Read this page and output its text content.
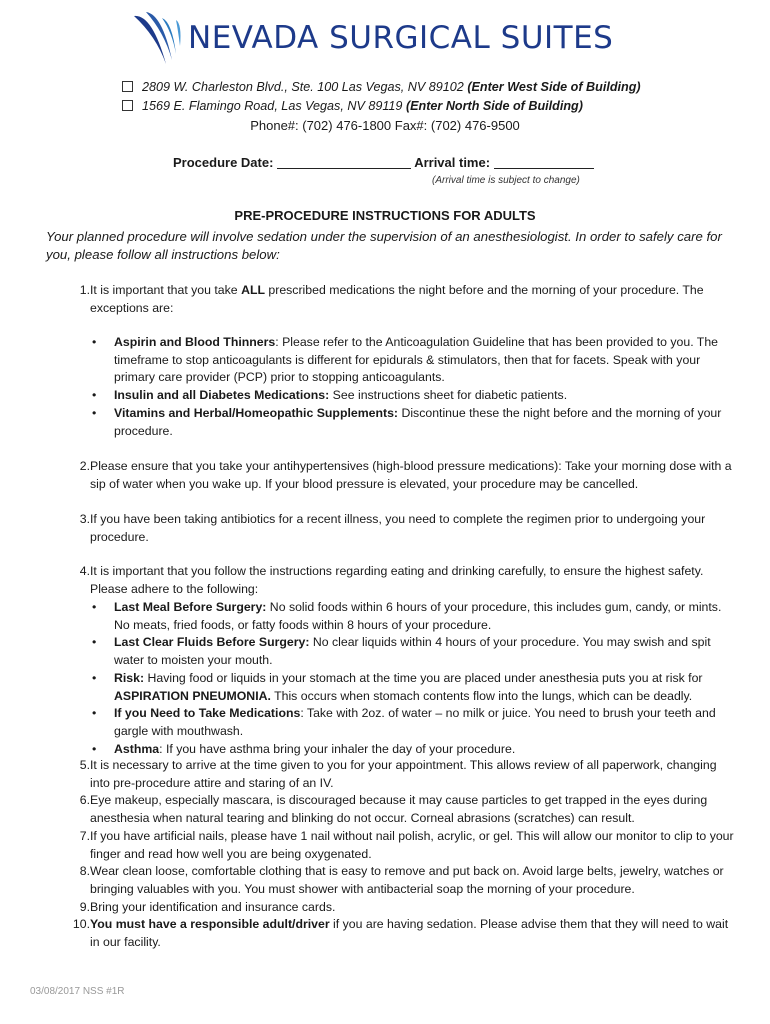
NEVADA SURGICAL SUITES
2809 W. Charleston Blvd., Ste. 100 Las Vegas, NV 89102 (Enter West Side of Building)
1569 E. Flamingo Road, Las Vegas, NV 89119 (Enter North Side of Building)
Phone#: (702) 476-1800 Fax#: (702) 476-9500
Procedure Date:	Arrival time:
(Arrival time is subject to change)
PRE-PROCEDURE INSTRUCTIONS FOR ADULTS
Your planned procedure will involve sedation under the supervision of an anesthesiologist. In order to safely care for you, please follow all instructions below:
1. It is important that you take ALL prescribed medications the night before and the morning of your procedure. The exceptions are:
•	Aspirin and Blood Thinners: Please refer to the Anticoagulation Guideline that has been provided to you. The timeframe to stop anticoagulants is different for epidurals & stimulators, then that for facets. Speak with your primary care provider (PCP) prior to stopping anticoagulants.
•	Insulin and all Diabetes Medications: See instructions sheet for diabetic patients.
•	Vitamins and Herbal/Homeopathic Supplements: Discontinue these the night before and the morning of your procedure.
2. Please ensure that you take your antihypertensives (high-blood pressure medications): Take your morning dose with a sip of water when you wake up. If your blood pressure is elevated, your procedure may be cancelled.
3. If you have been taking antibiotics for a recent illness, you need to complete the regimen prior to undergoing your procedure.
4. It is important that you follow the instructions regarding eating and drinking carefully, to ensure the highest safety. Please adhere to the following:
•	Last Meal Before Surgery: No solid foods within 6 hours of your procedure, this includes gum, candy, or mints. No meats, fried foods, or fatty foods within 8 hours of your procedure.
•	Last Clear Fluids Before Surgery: No clear liquids within 4 hours of your procedure. You may swish and spit water to moisten your mouth.
•	Risk: Having food or liquids in your stomach at the time you are placed under anesthesia puts you at risk for ASPIRATION PNEUMONIA. This occurs when stomach contents flow into the lungs, which can be deadly.
•	If you Need to Take Medications: Take with 2oz. of water – no milk or juice. You need to brush your teeth and gargle with mouthwash.
•	Asthma: If you have asthma bring your inhaler the day of your procedure.
5. It is necessary to arrive at the time given to you for your appointment. This allows review of all paperwork, changing into pre-procedure attire and staring of an IV.
6. Eye makeup, especially mascara, is discouraged because it may cause particles to get trapped in the eyes during anesthesia when natural tearing and blinking do not occur. Corneal abrasions (scratches) can result.
7. If you have artificial nails, please have 1 nail without nail polish, acrylic, or gel. This will allow our monitor to clip to your finger and read how well you are being oxygenated.
8. Wear clean loose, comfortable clothing that is easy to remove and put back on. Avoid large belts, jewelry, watches or bringing valuables with you. You must shower with antibacterial soap the morning of your procedure.
9. Bring your identification and insurance cards.
10. You must have a responsible adult/driver if you are having sedation. Please advise them that they will need to wait in our facility.
03/08/2017 NSS #1R
